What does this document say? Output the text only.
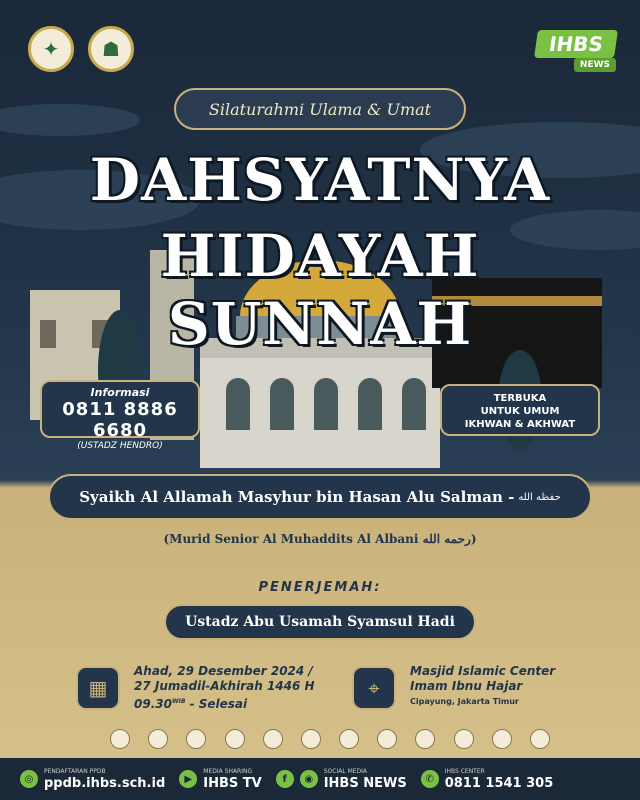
✦	☗	IHBS
NEWS
Silaturahmi Ulama & Umat
DAHSYATNYA
HIDAYAH SUNNAH
Informasi
0811 8886 6680
(USTADZ HENDRO)
TERBUKA
UNTUK UMUM
IKHWAN & AKHWAT
Syaikh Al Allamah Masyhur bin Hasan Alu Salman - حفظه الله
(Murid Senior Al Muhaddits Al Albani رحمه الله)
PENERJEMAH:
Ustadz Abu Usamah Syamsul Hadi
▦
Ahad, 29 Desember 2024 /
27 Jumadil-Akhirah 1446 H
$09.30^{WIB}$ - Selesai
⌖
Masjid Islamic Center
Imam Ibnu Hajar
Cipayung, Jakarta Timur
◎
PENDAFTARAN PPDB
ppdb.ihbs.sch.id	▶
MEDIA SHARING
IHBS TV	f	◉
SOCIAL MEDIA
IHBS NEWS	✆
IHBS CENTER
0811 1541 305
